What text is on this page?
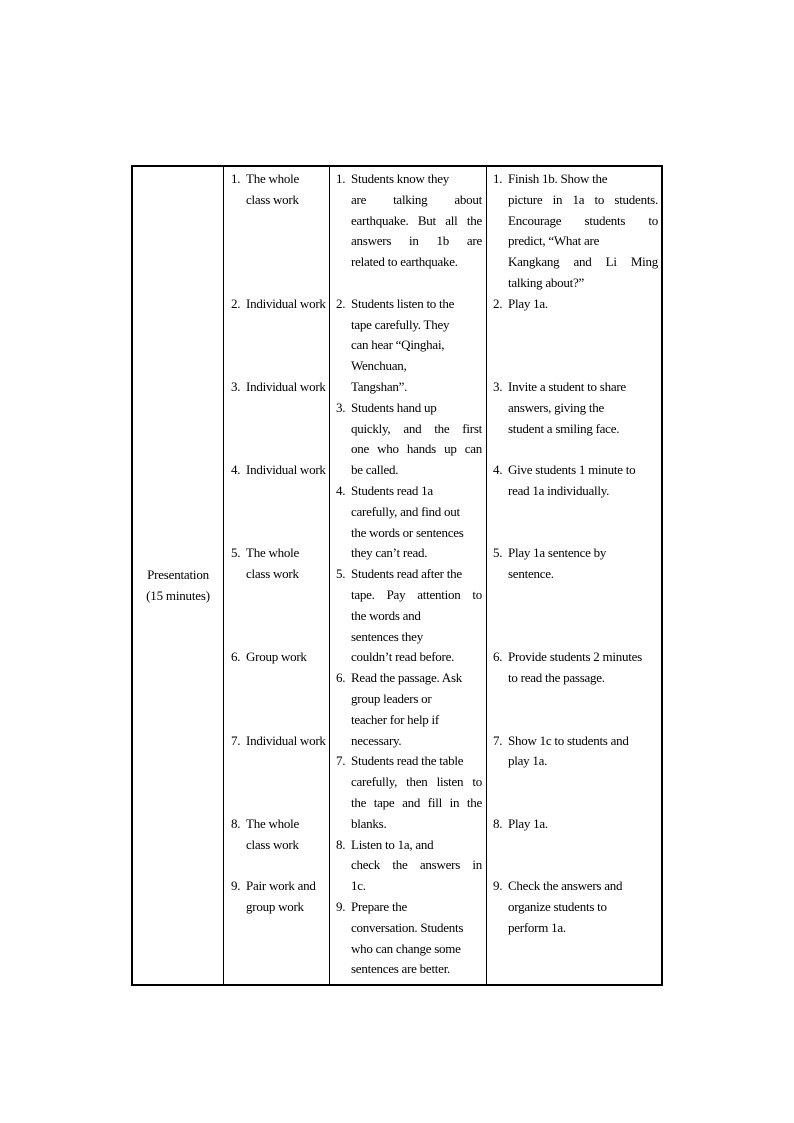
Presentation
(15 minutes)
1. The whole
class work
2. Individual work
3. Individual work
4. Individual work
5. The whole
class work
6. Group work
7. Individual work
8. The whole
class work
9. Pair work and
group work
1. Students know they
are talking about
earthquake. But all the
answers in 1b are
related to earthquake.
2. Students listen to the
tape carefully. They
can hear “Qinghai,
Wenchuan,
Tangshan”.
3. Students hand up
quickly, and the first
one who hands up can
be called.
4. Students read 1a
carefully, and find out
the words or sentences
they can’t read.
5. Students read after the
tape. Pay attention to
the words and
sentences they
couldn’t read before.
6. Read the passage. Ask
group leaders or
teacher for help if
necessary.
7. Students read the table
carefully, then listen to
the tape and fill in the
blanks.
8. Listen to 1a, and
check the answers in
1c.
9. Prepare the
conversation. Students
who can change some
sentences are better.
1. Finish 1b. Show the
picture in 1a to students.
Encourage students to
predict, “What are
Kangkang and Li Ming
talking about?”
2. Play 1a.
3. Invite a student to share
answers, giving the
student a smiling face.
4. Give students 1 minute to
read 1a individually.
5. Play 1a sentence by
sentence.
6. Provide students 2 minutes
to read the passage.
7. Show 1c to students and
play 1a.
8. Play 1a.
9. Check the answers and
organize students to
perform 1a.
